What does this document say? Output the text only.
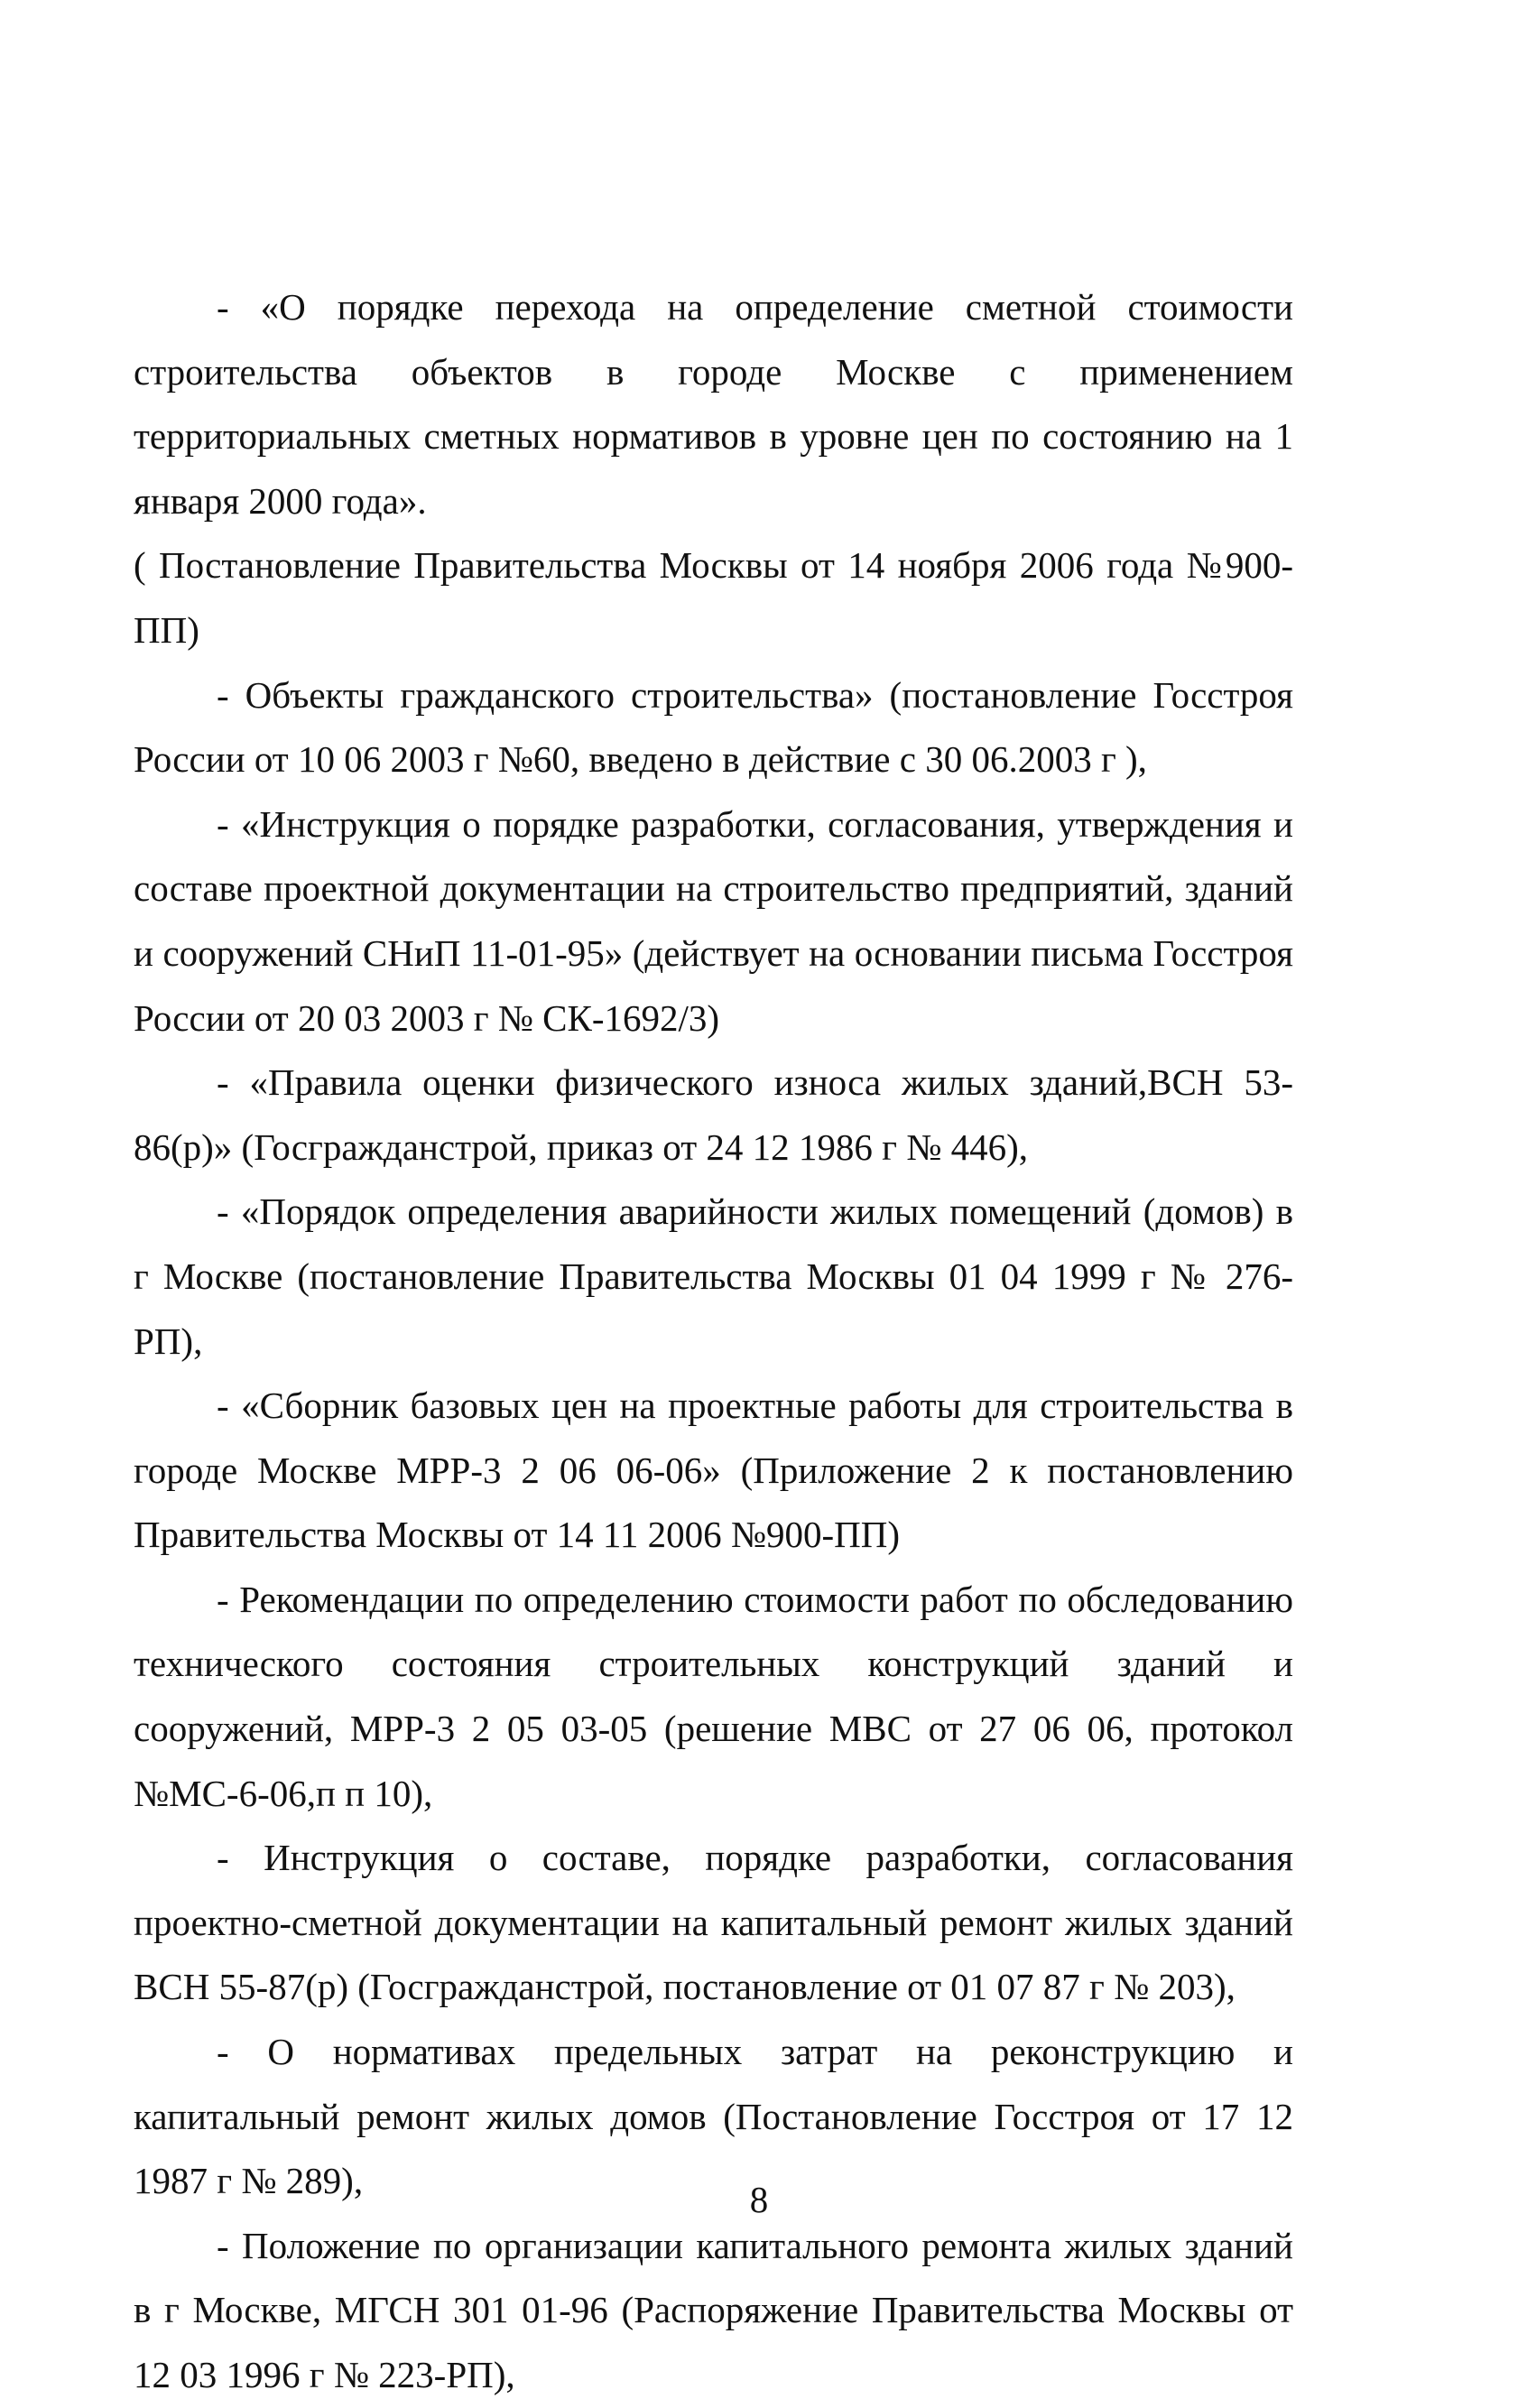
- «О порядке перехода на определение сметной стоимости строительства объектов в городе Москве с применением территориальных сметных нормативов в уровне цен по состоянию на 1 января 2000 года».

( Постановление Правительства Москвы от 14 ноября 2006 года №900-ПП)

- Объекты гражданского строительства» (постановление Госстроя России от 10 06 2003 г №60, введено в действие с 30 06.2003 г ),

- «Инструкция о порядке разработки, согласования, утверждения и составе проектной документации на строительство предприятий, зданий и сооружений СНиП 11-01-95» (действует на основании письма Госстроя России от 20 03 2003 г № СК-1692/3)

- «Правила оценки физического износа жилых зданий,ВСН 53-86(р)» (Госгражданстрой, приказ от 24 12 1986 г № 446),

- «Порядок определения аварийности жилых помещений (домов) в г Москве (постановление Правительства Москвы 01 04 1999 г № 276-РП),

- «Сборник базовых цен на проектные работы для строительства в городе Москве МРР-3 2 06 06-06» (Приложение 2 к постановлению Правительства Москвы от 14 11 2006 №900-ПП)

- Рекомендации по определению стоимости работ по обследованию технического состояния строительных конструкций зданий и сооружений, МРР-3 2 05 03-05 (решение МВС от 27 06 06, протокол №МС-6-06,п п 10),

- Инструкция о составе, порядке разработки, согласования проектно-сметной документации на капитальный ремонт жилых зданий ВСН 55-87(р) (Госгражданстрой, постановление от 01 07 87 г № 203),

- О нормативах предельных затрат на реконструкцию и капитальный ремонт жилых домов (Постановление Госстроя от 17 12 1987 г № 289),

- Положение по организации капитального ремонта жилых зданий в г Москве, МГСН 301 01-96 (Распоряжение Правительства Москвы от 12 03 1996 г № 223-РП),

8
